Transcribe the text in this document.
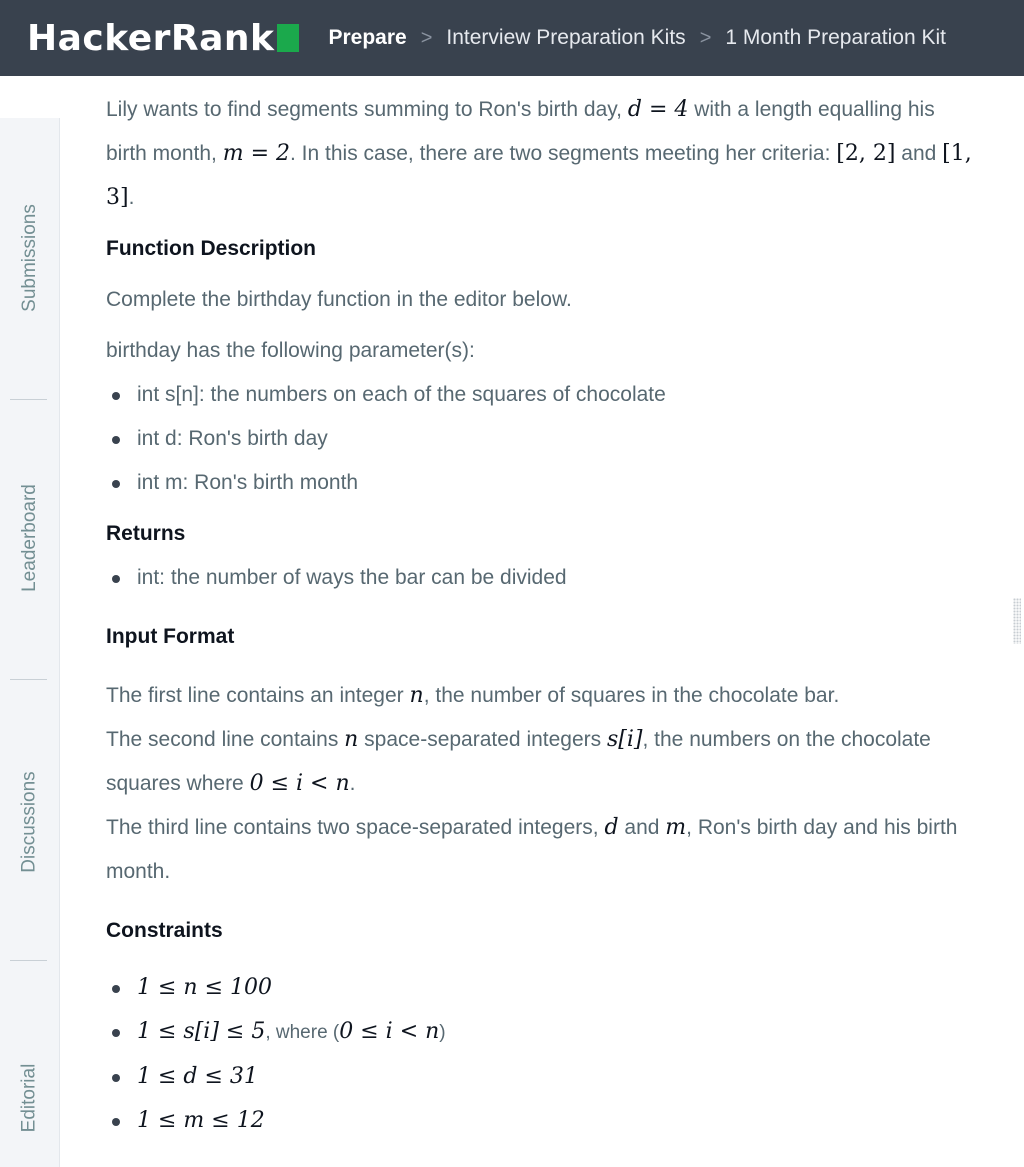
HackerRank	Prepare > Interview Preparation Kits > 1 Month Preparation Kit
Submissions
Leaderboard
Discussions
Editorial

Lily wants to find segments summing to Ron's birth day, d = 4 with a length equalling his birth month, m = 2. In this case, there are two segments meeting her criteria: [2, 2] and [1, 3].

Function Description

Complete the birthday function in the editor below.

birthday has the following parameter(s):

int s[n]: the numbers on each of the squares of chocolate
int d: Ron's birth day
int m: Ron's birth month
Returns
int: the number of ways the bar can be divided
Input Format

The first line contains an integer n, the number of squares in the chocolate bar.

The second line contains n space-separated integers s[i], the numbers on the chocolate squares where 0 ≤ i < n.

The third line contains two space-separated integers, d and m, Ron's birth day and his birth month.

Constraints
1 ≤ n ≤ 100
1 ≤ s[i] ≤ 5, where (0 ≤ i < n)
1 ≤ d ≤ 31
1 ≤ m ≤ 12
